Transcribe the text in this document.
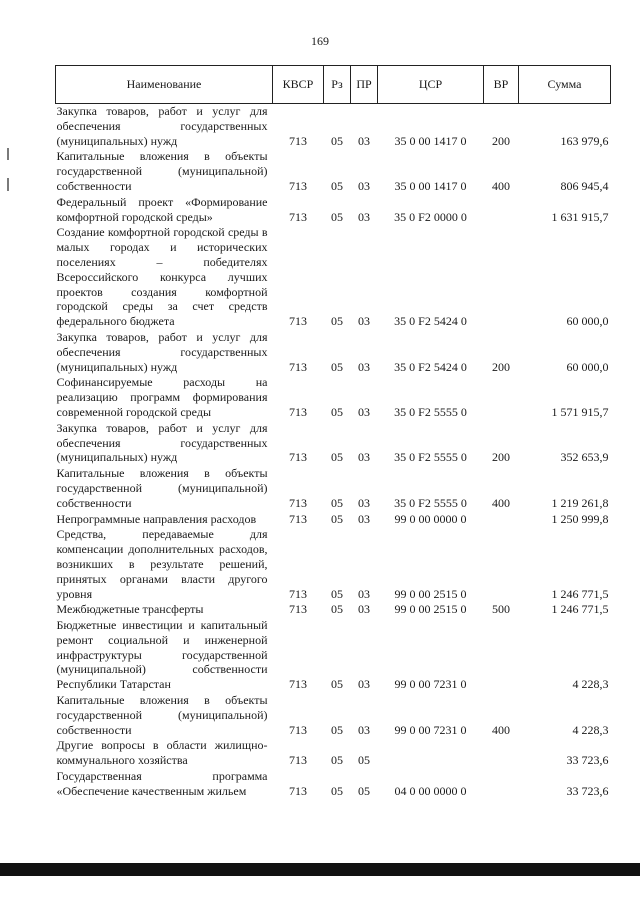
169
Наименование	КВСР	Рз	ПР	ЦСР	ВР	Сумма
Закупка товаров, работ и услуг для обеспечения государственных (муниципальных) нужд	713	05	03	35 0 00 1417 0	200	163 979,6
Капитальные вложения в объекты государственной (муниципальной) собственности	713	05	03	35 0 00 1417 0	400	806 945,4
Федеральный проект «Формирование комфортной городской среды»	713	05	03	35 0 F2 0000 0		1 631 915,7
Создание комфортной городской среды в малых городах и исторических поселениях – победителях Всероссийского конкурса лучших проектов создания комфортной городской среды за счет средств федерального бюджета	713	05	03	35 0 F2 5424 0		60 000,0
Закупка товаров, работ и услуг для обеспечения государственных (муниципальных) нужд	713	05	03	35 0 F2 5424 0	200	60 000,0
Софинансируемые расходы на реализацию программ формирования современной городской среды	713	05	03	35 0 F2 5555 0		1 571 915,7
Закупка товаров, работ и услуг для обеспечения государственных (муниципальных) нужд	713	05	03	35 0 F2 5555 0	200	352 653,9
Капитальные вложения в объекты государственной (муниципальной) собственности	713	05	03	35 0 F2 5555 0	400	1 219 261,8
Непрограммные направления расходов	713	05	03	99 0 00 0000 0		1 250 999,8
Средства, передаваемые для компенсации дополнительных расходов, возникших в результате решений, принятых органами власти другого уровня	713	05	03	99 0 00 2515 0		1 246 771,5
Межбюджетные трансферты	713	05	03	99 0 00 2515 0	500	1 246 771,5
Бюджетные инвестиции и капитальный ремонт социальной и инженерной инфраструктуры государственной (муниципальной) собственности Республики Татарстан	713	05	03	99 0 00 7231 0		4 228,3
Капитальные вложения в объекты государственной (муниципальной) собственности	713	05	03	99 0 00 7231 0	400	4 228,3
Другие вопросы в области жилищно-коммунального хозяйства	713	05	05			33 723,6
Государственная программа «Обеспечение качественным жильем	713	05	05	04 0 00 0000 0		33 723,6
